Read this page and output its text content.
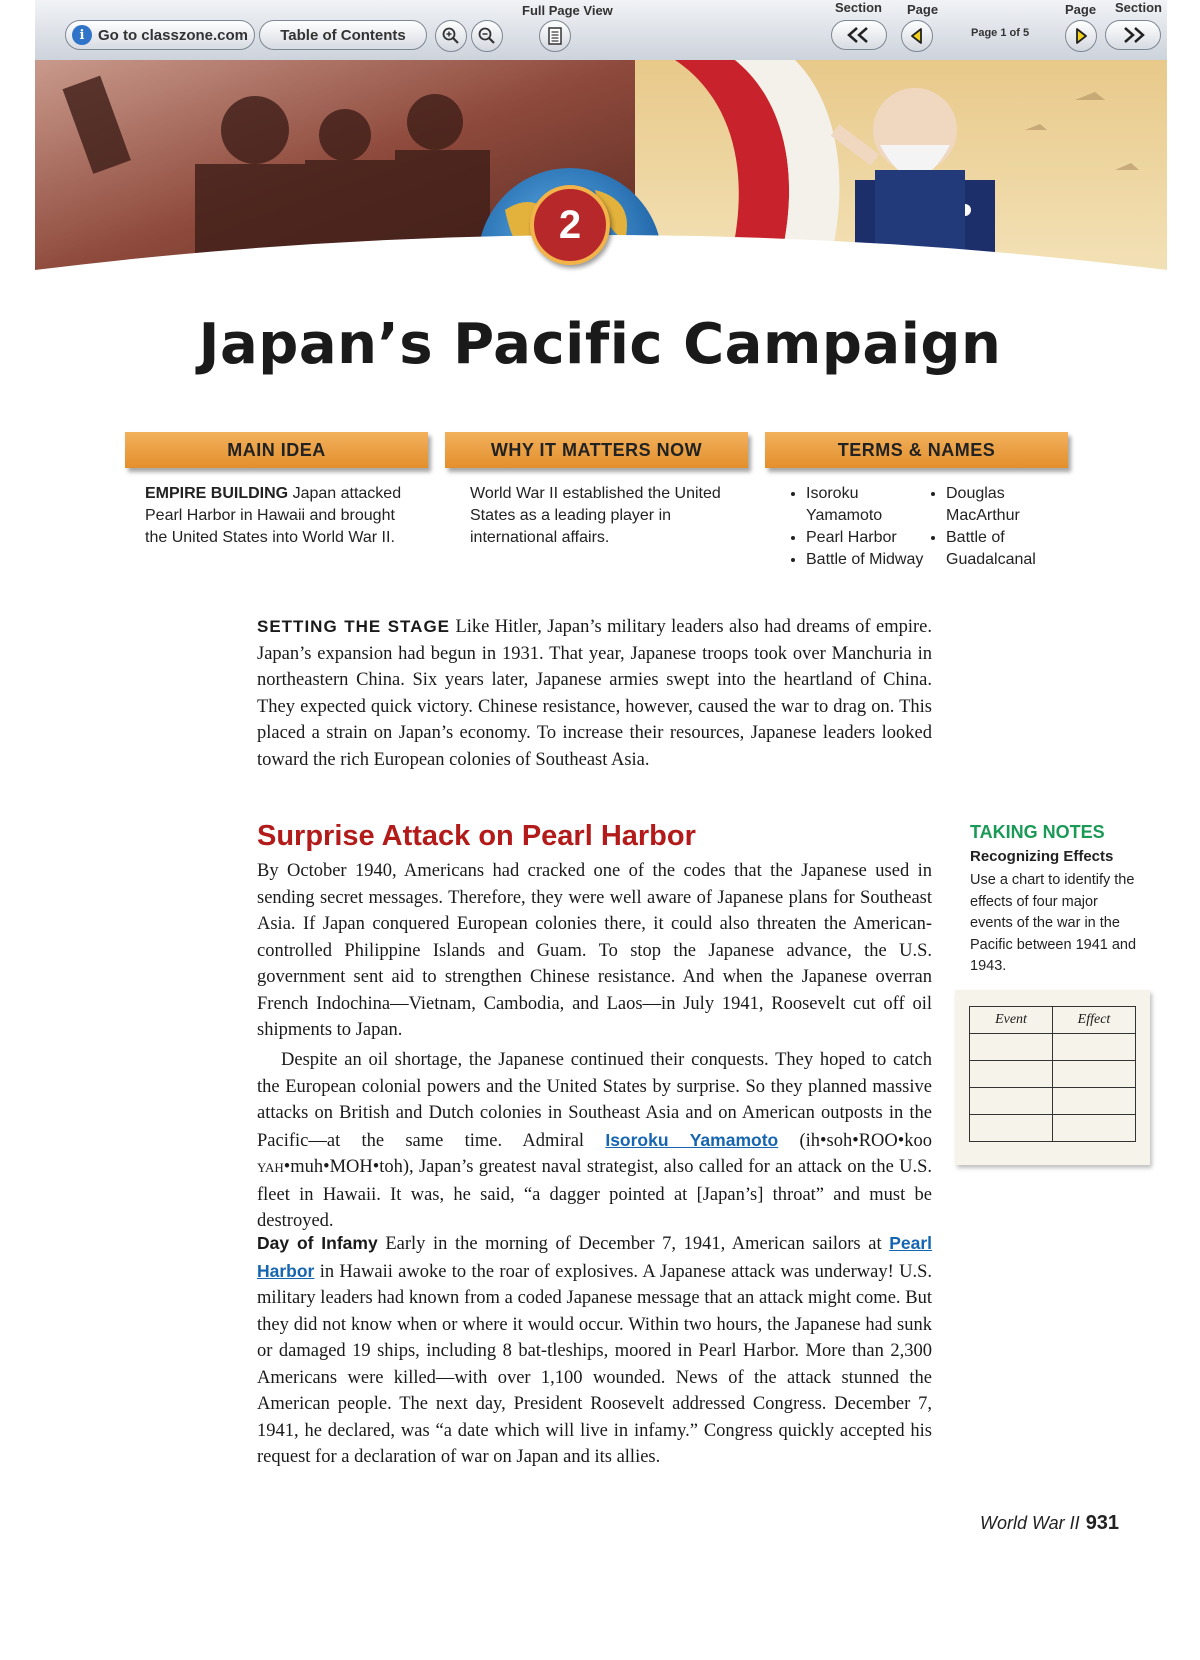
i Go to classzone.com Table of Contents
Full Page View	Section Page
Page 1 of 5
Page Section
2
Japan’s Pacific Campaign
MAIN IDEA	WHY IT MATTERS NOW	TERMS & NAMES
EMPIRE BUILDING Japan attacked Pearl Harbor in Hawaii and brought the United States into World War II.
World War II established the United States as a leading player in international affairs.
• Isoroku Yamamoto
• Pearl Harbor
• Battle of Midway
• Douglas MacArthur
• Battle of Guadalcanal
SETTING THE STAGE Like Hitler, Japan’s military leaders also had dreams of empire. Japan’s expansion had begun in 1931. That year, Japanese troops took over Manchuria in northeastern China. Six years later, Japanese armies swept into the heartland of China. They expected quick victory. Chinese resistance, however, caused the war to drag on. This placed a strain on Japan’s economy. To increase their resources, Japanese leaders looked toward the rich European colonies of Southeast Asia.
Surprise Attack on Pearl Harbor
By October 1940, Americans had cracked one of the codes that the Japanese used in sending secret messages. Therefore, they were well aware of Japanese plans for Southeast Asia. If Japan conquered European colonies there, it could also threaten the American-controlled Philippine Islands and Guam. To stop the Japanese advance, the U.S. government sent aid to strengthen Chinese resistance. And when the Japanese overran French Indochina—Vietnam, Cambodia, and Laos—in July 1941, Roosevelt cut off oil shipments to Japan.
Despite an oil shortage, the Japanese continued their conquests. They hoped to catch the European colonial powers and the United States by surprise. So they planned massive attacks on British and Dutch colonies in Southeast Asia and on American outposts in the Pacific—at the same time. Admiral Isoroku Yamamoto (ih•soh•ROO•koo YAH•muh•MOH•toh), Japan’s greatest naval strategist, also called for an attack on the U.S. fleet in Hawaii. It was, he said, “a dagger pointed at [Japan’s] throat” and must be destroyed.
Day of Infamy Early in the morning of December 7, 1941, American sailors at Pearl Harbor in Hawaii awoke to the roar of explosives. A Japanese attack was underway! U.S. military leaders had known from a coded Japanese message that an attack might come. But they did not know when or where it would occur. Within two hours, the Japanese had sunk or damaged 19 ships, including 8 bat-tleships, moored in Pearl Harbor. More than 2,300 Americans were killed—with over 1,100 wounded. News of the attack stunned the American people. The next day, President Roosevelt addressed Congress. December 7, 1941, he declared, was “a date which will live in infamy.” Congress quickly accepted his request for a declaration of war on Japan and its allies.
TAKING NOTES
Recognizing Effects
Use a chart to identify the effects of four major events of the war in the Pacific between 1941 and 1943.
Event	Effect

World War II 931
